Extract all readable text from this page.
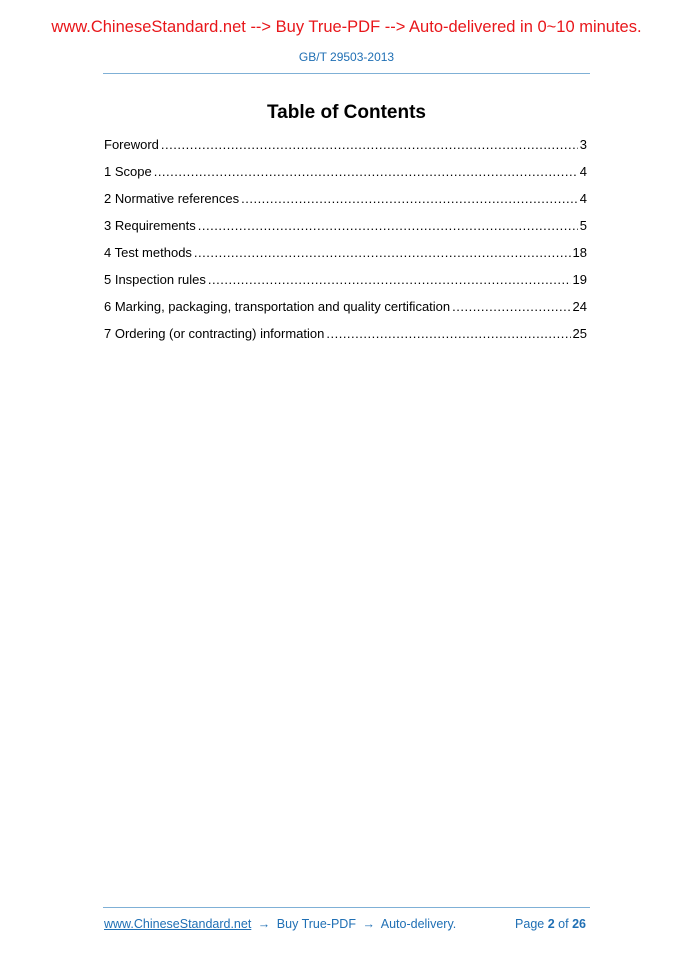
www.ChineseStandard.net --> Buy True-PDF --> Auto-delivered in 0~10 minutes.
GB/T 29503-2013
Table of Contents
Foreword .....	3
1 Scope .....	4
2 Normative references .....	4
3 Requirements .....	5
4 Test methods .....	18
5 Inspection rules .....	19
6 Marking, packaging, transportation and quality certification .....	24
7 Ordering (or contracting) information .....	25
www.ChineseStandard.net → Buy True-PDF → Auto-delivery.	Page 2 of 26
